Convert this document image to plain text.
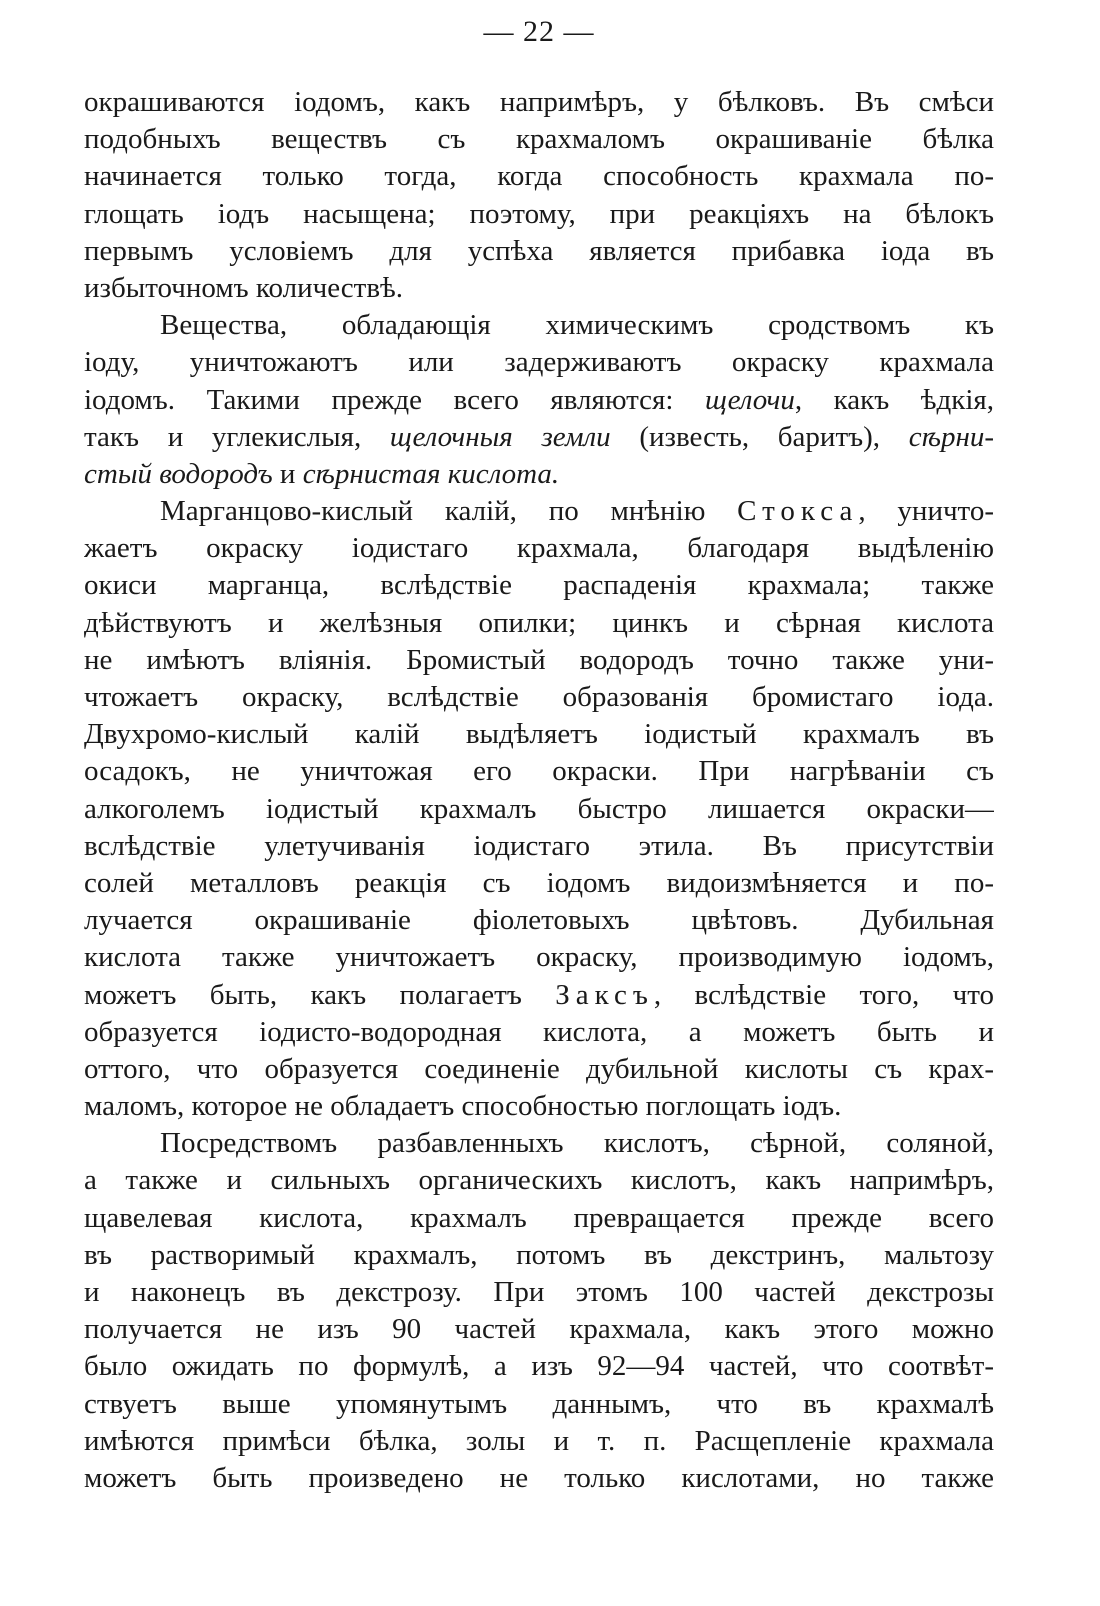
— 22 —
окрашиваются іодомъ, какъ напримѣръ, у бѣлковъ. Въ смѣси
подобныхъ веществъ съ крахмаломъ окрашиваніе бѣлка
начинается только тогда, когда способность крахмала по-
глощать іодъ насыщена; поэтому, при реакціяхъ на бѣлокъ
первымъ условіемъ для успѣха является прибавка іода въ
избыточномъ количествѣ.
Вещества, обладающія химическимъ сродствомъ къ
іоду, уничтожаютъ или задерживаютъ окраску крахмала
іодомъ. Такими прежде всего являются: щелочи, какъ ѣдкія,
такъ и углекислыя, щелочныя земли (известь, баритъ), сѣрни-
стый водородъ и сѣрнистая кислота.
Марганцово-кислый калій, по мнѣнію Стокса, уничто-
жаетъ окраску іодистаго крахмала, благодаря выдѣленію
окиси марганца, вслѣдствіе распаденія крахмала; также
дѣйствуютъ и желѣзныя опилки; цинкъ и сѣрная кислота
не имѣютъ вліянія. Бромистый водородъ точно также уни-
чтожаетъ окраску, вслѣдствіе образованія бромистаго іода.
Двухромо-кислый калій выдѣляетъ іодистый крахмалъ въ
осадокъ, не уничтожая его окраски. При нагрѣваніи съ
алкоголемъ іодистый крахмалъ быстро лишается окраски—
вслѣдствіе улетучиванія іодистаго этила. Въ присутствіи
солей металловъ реакція съ іодомъ видоизмѣняется и по-
лучается окрашиваніе фіолетовыхъ цвѣтовъ. Дубильная
кислота также уничтожаетъ окраску, производимую іодомъ,
можетъ быть, какъ полагаетъ Заксъ, вслѣдствіе того, что
образуется іодисто-водородная кислота, а можетъ быть и
оттого, что образуется соединеніе дубильной кислоты съ крах-
маломъ, которое не обладаетъ способностью поглощать іодъ.
Посредствомъ разбавленныхъ кислотъ, сѣрной, соляной,
а также и сильныхъ органическихъ кислотъ, какъ напримѣръ,
щавелевая кислота, крахмалъ превращается прежде всего
въ растворимый крахмалъ, потомъ въ декстринъ, мальтозу
и наконецъ въ декстрозу. При этомъ 100 частей декстрозы
получается не изъ 90 частей крахмала, какъ этого можно
было ожидать по формулѣ, а изъ 92—94 частей, что соотвѣт-
ствуетъ выше упомянутымъ даннымъ, что въ крахмалѣ
имѣются примѣси бѣлка, золы и т. п. Расщепленіе крахмала
можетъ быть произведено не только кислотами, но также
